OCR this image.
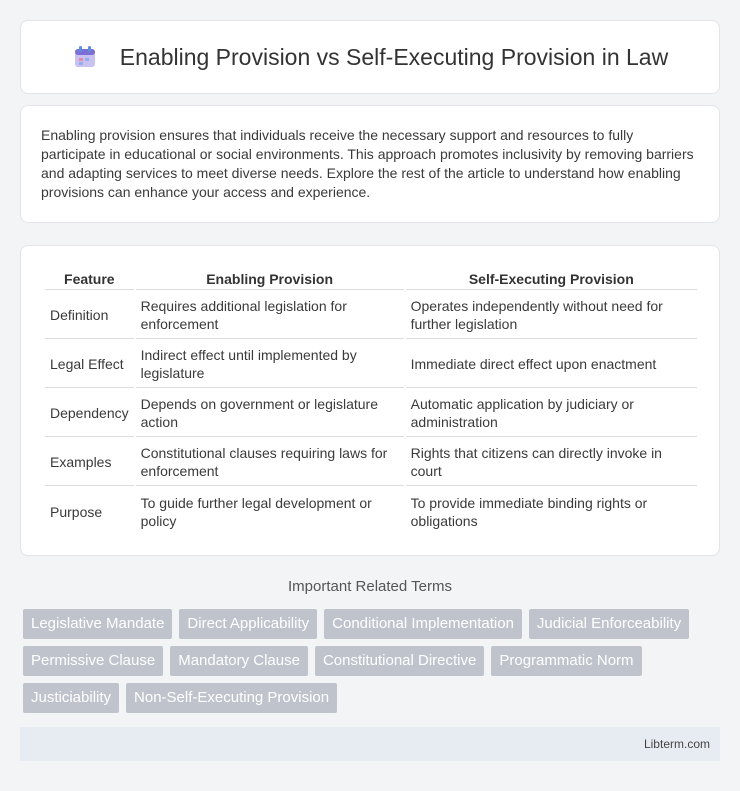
Enabling Provision vs Self-Executing Provision in Law

Enabling provision ensures that individuals receive the necessary support and resources to fully participate in educational or social environments. This approach promotes inclusivity by removing barriers and adapting services to meet diverse needs. Explore the rest of the article to understand how enabling provisions can enhance your access and experience.

Feature	Enabling Provision	Self-Executing Provision
Definition	Requires additional legislation for enforcement	Operates independently without need for further legislation
Legal Effect	Indirect effect until implemented by legislature	Immediate direct effect upon enactment
Dependency	Depends on government or legislature action	Automatic application by judiciary or administration
Examples	Constitutional clauses requiring laws for enforcement	Rights that citizens can directly invoke in court
Purpose	To guide further legal development or policy	To provide immediate binding rights or obligations
Important Related Terms
Legislative Mandate	Direct Applicability	Conditional Implementation	Judicial Enforceability
Permissive Clause	Mandatory Clause	Constitutional Directive	Programmatic Norm
Justiciability	Non-Self-Executing Provision
Libterm.com
